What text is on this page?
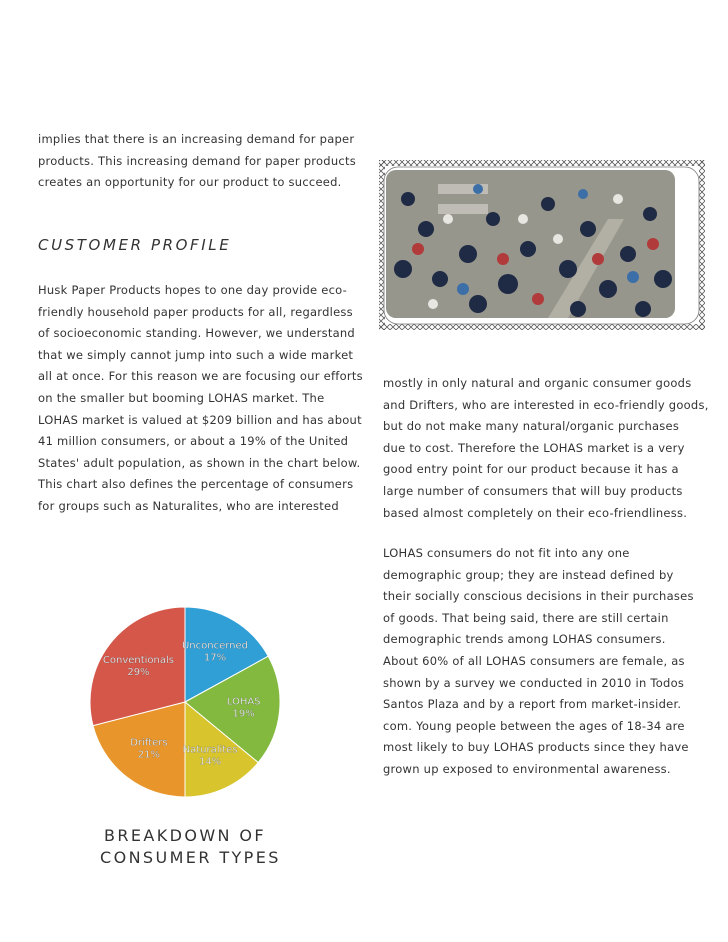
implies that there is an increasing demand for paper
products. This increasing demand for paper products
creates an opportunity for our product to succeed.
CUSTOMER PROFILE
Husk Paper Products hopes to one day provide eco-
friendly household paper products for all, regardless
of socioeconomic standing. However, we understand
that we simply cannot jump into such a wide market
all at once. For this reason we are focusing our efforts
on the smaller but booming LOHAS market. The
LOHAS market is valued at $209 billion and has about
41 million consumers, or about a 19% of the United
States' adult population, as shown in the chart below.
This chart also defines the percentage of consumers
for groups such as Naturalites, who are interested
mostly in only natural and organic consumer goods
and Drifters, who are interested in eco-friendly goods,
but do not make many natural/organic purchases
due to cost. Therefore the LOHAS market is a very
good entry point for our product because it has a
large number of consumers that will buy products
based almost completely on their eco-friendliness.
LOHAS consumers do not fit into any one
demographic group; they are instead defined by
their socially conscious decisions in their purchases
of goods. That being said, there are still certain
demographic trends among LOHAS consumers.
About 60% of all LOHAS consumers are female, as
shown by a survey we conducted in 2010 in Todos
Santos Plaza and by a report from market-insider.
com. Young people between the ages of 18-34 are
most likely to buy LOHAS products since they have
grown up exposed to environmental awareness.
Unconcerned 17%
LOHAS 19%
Naturalites 14%
Drifters 21%
Conventionals 29%
BREAKDOWN OF
CONSUMER TYPES
